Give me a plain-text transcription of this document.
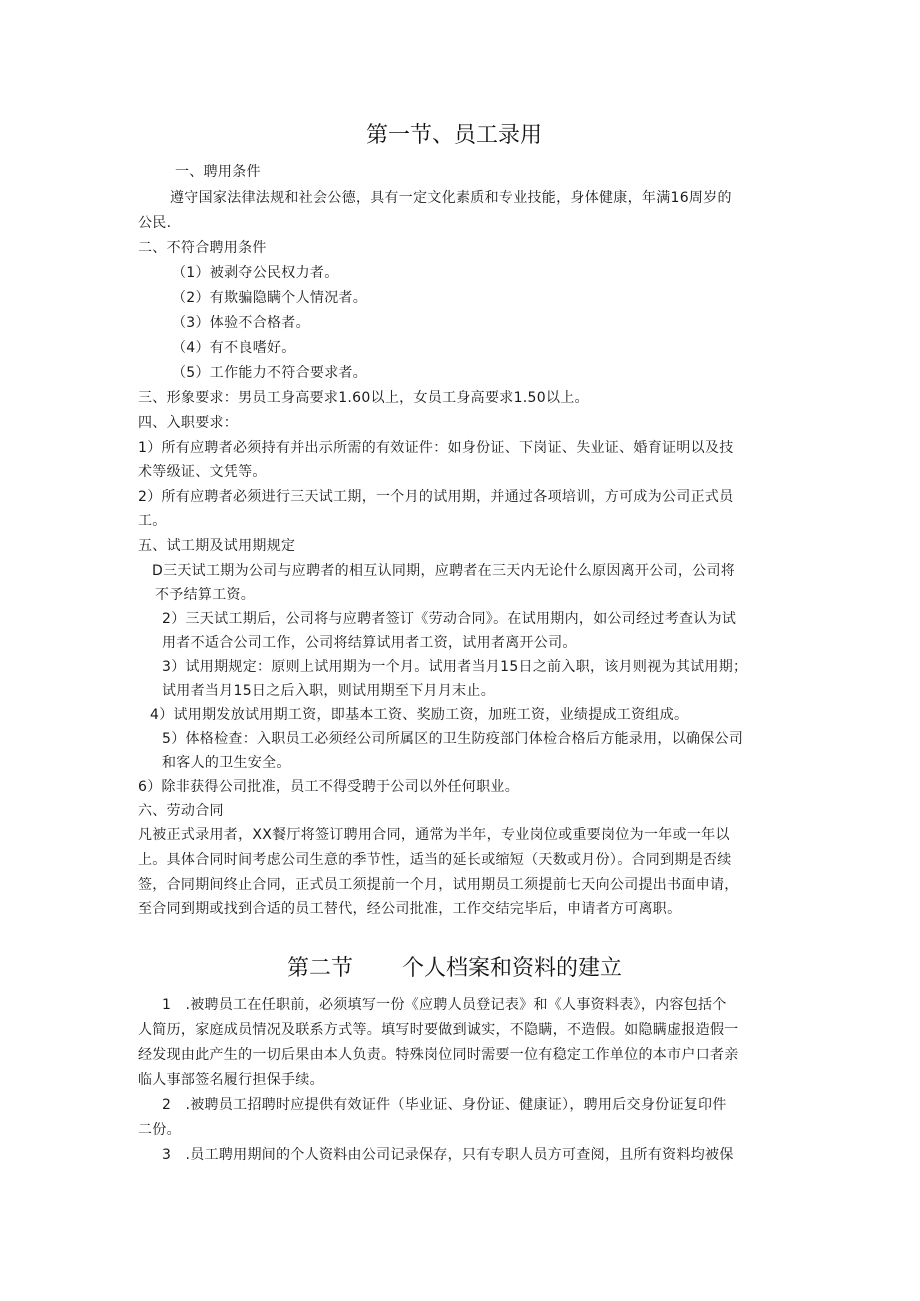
第一节、员工录用
一、聘用条件
遵守国家法律法规和社会公德，具有一定文化素质和专业技能，身体健康，年满16周岁的
公民.
二、不符合聘用条件
（1）被剥夺公民权力者。
（2）有欺骗隐瞒个人情况者。
（3）体验不合格者。
（4）有不良嗜好。
（5）工作能力不符合要求者。
三、形象要求：男员工身高要求1.60以上，女员工身高要求1.50以上。
四、入职要求：
1）所有应聘者必须持有并出示所需的有效证件：如身份证、下岗证、失业证、婚育证明以及技
术等级证、文凭等。
2）所有应聘者必须进行三天试工期，一个月的试用期，并通过各项培训，方可成为公司正式员
工。
五、试工期及试用期规定
D三天试工期为公司与应聘者的相互认同期，应聘者在三天内无论什么原因离开公司，公司将
不予结算工资。
2）三天试工期后，公司将与应聘者签订《劳动合同》。在试用期内，如公司经过考查认为试
用者不适合公司工作，公司将结算试用者工资，试用者离开公司。
3）试用期规定：原则上试用期为一个月。试用者当月15日之前入职，该月则视为其试用期；
试用者当月15日之后入职，则试用期至下月月末止。
4）试用期发放试用期工资，即基本工资、奖励工资，加班工资，业绩提成工资组成。
5）体格检查：入职员工必须经公司所属区的卫生防疫部门体检合格后方能录用，以确保公司
和客人的卫生安全。
6）除非获得公司批准，员工不得受聘于公司以外任何职业。
六、劳动合同
凡被正式录用者，XX餐厅将签订聘用合同，通常为半年，专业岗位或重要岗位为一年或一年以
上。具体合同时间考虑公司生意的季节性，适当的延长或缩短（天数或月份）。合同到期是否续
签，合同期间终止合同，正式员工须提前一个月，试用期员工须提前七天向公司提出书面申请，
至合同到期或找到合适的员工替代，经公司批准，工作交结完毕后，申请者方可离职。
第二节 个人档案和资料的建立
1　.被聘员工在任职前，必须填写一份《应聘人员登记表》和《人事资料表》，内容包括个
人简历，家庭成员情况及联系方式等。填写时要做到诚实，不隐瞒，不造假。如隐瞒虚报造假一
经发现由此产生的一切后果由本人负责。特殊岗位同时需要一位有稳定工作单位的本市户口者亲
临人事部签名履行担保手续。
2　.被聘员工招聘时应提供有效证件（毕业证、身份证、健康证），聘用后交身份证复印件
二份。
3　.员工聘用期间的个人资料由公司记录保存，只有专职人员方可查阅，且所有资料均被保
